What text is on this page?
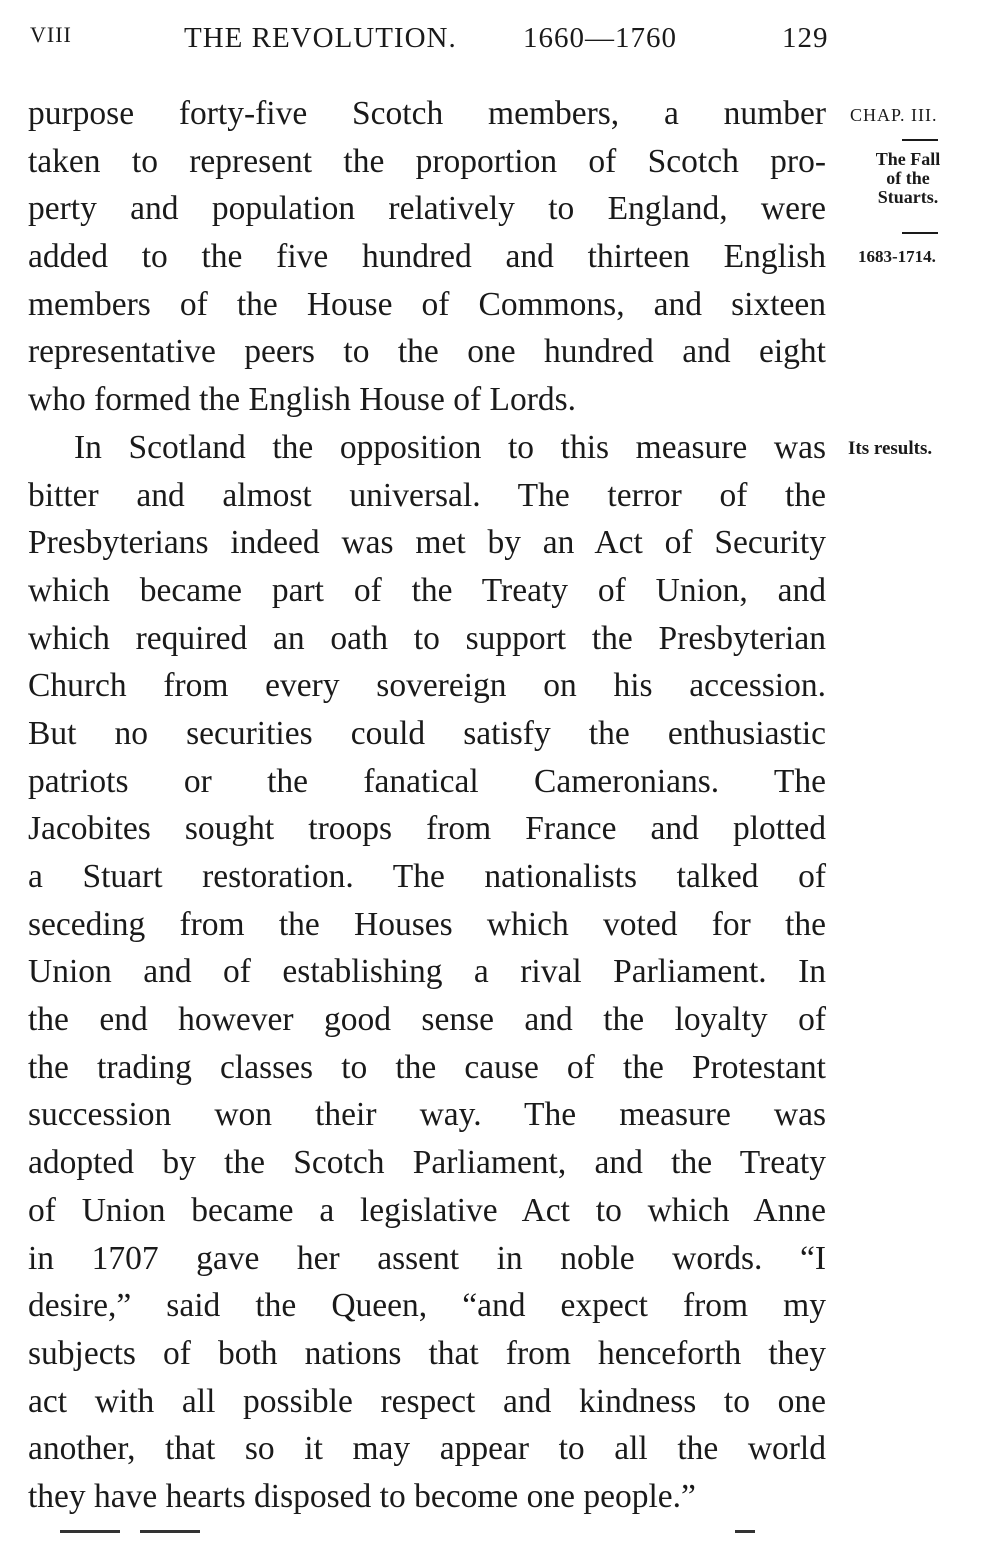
VIII	THE REVOLUTION. 1660—1760	129
purpose forty-five Scotch members, a number
taken to represent the proportion of Scotch pro-
perty and population relatively to England, were
added to the five hundred and thirteen English
members of the House of Commons, and sixteen
representative peers to the one hundred and eight
who formed the English House of Lords.
In Scotland the opposition to this measure was
bitter and almost universal. The terror of the
Presbyterians indeed was met by an Act of Security
which became part of the Treaty of Union, and
which required an oath to support the Presbyterian
Church from every sovereign on his accession.
But no securities could satisfy the enthusiastic
patriots or the fanatical Cameronians. The
Jacobites sought troops from France and plotted
a Stuart restoration. The nationalists talked of
seceding from the Houses which voted for the
Union and of establishing a rival Parliament. In
the end however good sense and the loyalty of
the trading classes to the cause of the Protestant
succession won their way. The measure was
adopted by the Scotch Parliament, and the Treaty
of Union became a legislative Act to which Anne
in 1707 gave her assent in noble words. “I
desire,” said the Queen, “and expect from my
subjects of both nations that from henceforth they
act with all possible respect and kindness to one
another, that so it may appear to all the world
they have hearts disposed to become one people.”
CHAP. III.
The Fall
of the
Stuarts.
1683-1714.
Its results.
